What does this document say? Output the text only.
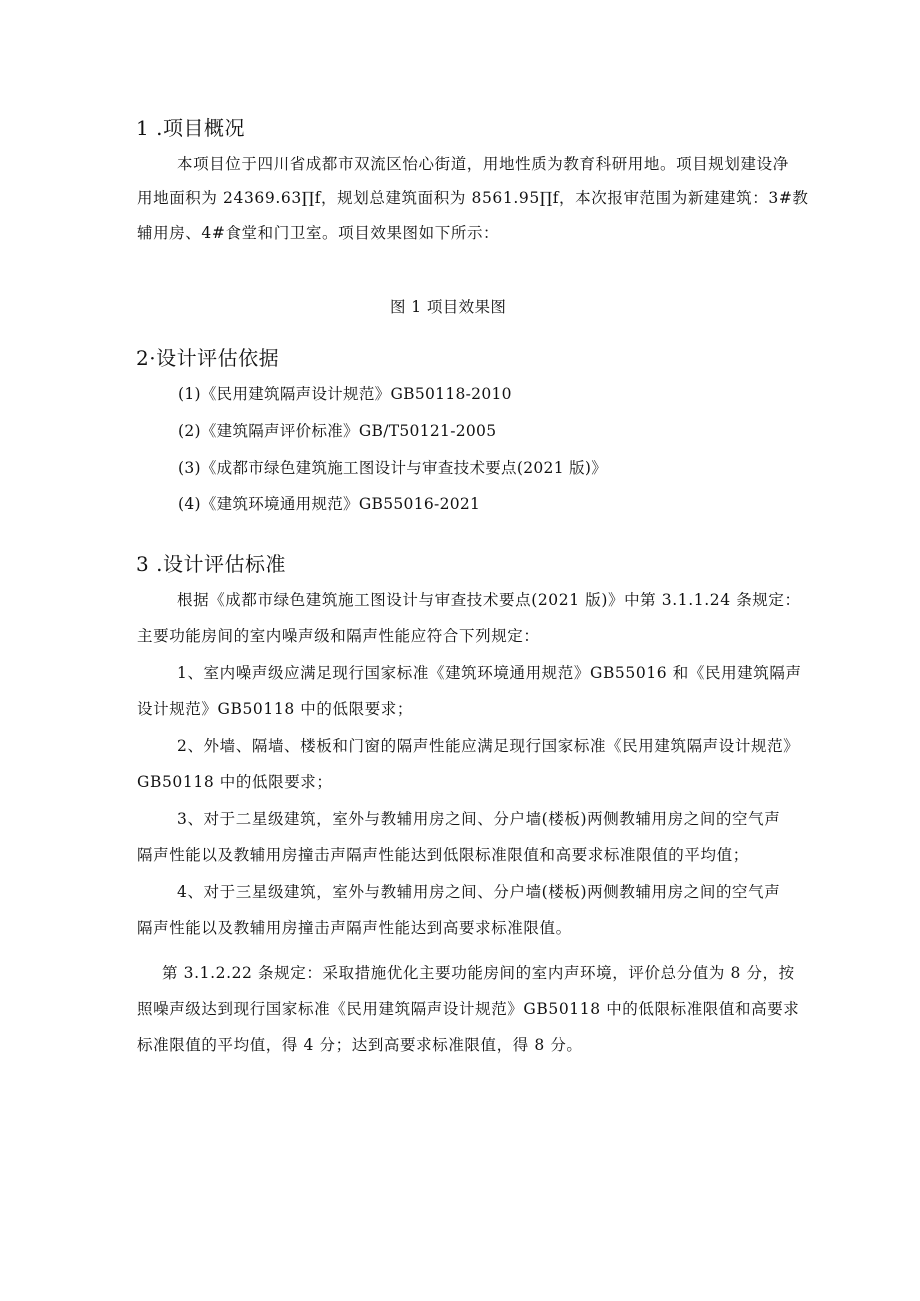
1 .项目概况
本项目位于四川省成都市双流区怡心街道，用地性质为教育科研用地。项目规划建设净
用地面积为 24369.63∏f，规划总建筑面积为 8561.95∏f，本次报审范围为新建建筑：3#教
辅用房、4#食堂和门卫室。项目效果图如下所示：
图 1 项目效果图
2·设计评估依据
(1)《民用建筑隔声设计规范》GB50118-2010
(2)《建筑隔声评价标准》GB/T50121-2005
(3)《成都市绿色建筑施工图设计与审查技术要点(2021 版)》
(4)《建筑环境通用规范》GB55016-2021
3 .设计评估标准
根据《成都市绿色建筑施工图设计与审查技术要点(2021 版)》中第 3.1.1.24 条规定：
主要功能房间的室内噪声级和隔声性能应符合下列规定：
1、室内噪声级应满足现行国家标准《建筑环境通用规范》GB55016 和《民用建筑隔声
设计规范》GB50118 中的低限要求；
2、外墙、隔墙、楼板和门窗的隔声性能应满足现行国家标准《民用建筑隔声设计规范》
GB50118 中的低限要求；
3、对于二星级建筑，室外与教辅用房之间、分户墙(楼板)两侧教辅用房之间的空气声
隔声性能以及教辅用房撞击声隔声性能达到低限标准限值和高要求标准限值的平均值；
4、对于三星级建筑，室外与教辅用房之间、分户墙(楼板)两侧教辅用房之间的空气声
隔声性能以及教辅用房撞击声隔声性能达到高要求标准限值。
第 3.1.2.22 条规定：采取措施优化主要功能房间的室内声环境，评价总分值为 8 分，按
照噪声级达到现行国家标准《民用建筑隔声设计规范》GB50118 中的低限标准限值和高要求
标准限值的平均值，得 4 分；达到高要求标准限值，得 8 分。
